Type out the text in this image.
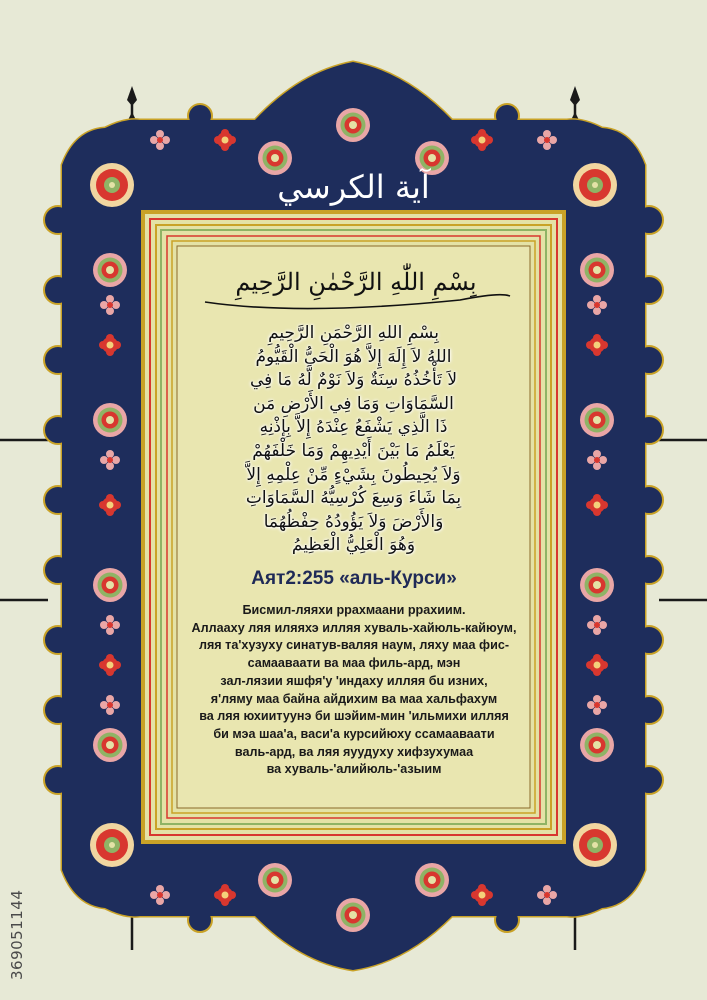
آية الكرسي
بِسْمِ اللّٰهِ الرَّحْمٰنِ الرَّحِيمِ
بِسْمِ اللهِ الرَّحْمَنِ الرَّحِيمِ
اللهُ لاَ إِلَهَ إِلاَّ هُوَ الْحَيُّ الْقَيُّومُ
لاَ تَأْخُذُهُ سِنَةٌ وَلاَ نَوْمٌ لَّهُ مَا فِي
السَّمَاوَاتِ وَمَا فِي الأَرْضِ مَن
ذَا الَّذِي يَشْفَعُ عِنْدَهُ إِلاَّ بِإِذْنِهِ
يَعْلَمُ مَا بَيْنَ أَيْدِيهِمْ وَمَا خَلْفَهُمْ
وَلاَ يُحِيطُونَ بِشَيْءٍ مِّنْ عِلْمِهِ إِلاَّ
بِمَا شَاءَ وَسِعَ كُرْسِيُّهُ السَّمَاوَاتِ
وَالأَرْضَ وَلاَ يَؤُودُهُ حِفْظُهُمَا
وَهُوَ الْعَلِيُّ الْعَظِيمُ
Аят2:255 «аль-Курси»
Бисмил-ляяхи ррахмаани ррахиим.
Аллааху ляя иляяхэ илляя хуваль-хайюль-кайюум,
ляя та'хузуху синатув-валяя наум, ляху маа фис-
самааваати ва маа филь-ард, мэн
зал-лязии яшфя'у 'индаху илляя бu изних,
я'ляму маа байна айдихим ва маа хальфахум
ва ляя юхиитуунэ би шэйим-мин 'ильмихи илляя
би мэа шаа'а, васи'а курсийюху ссамааваати
валь-ард, ва ляя яуудуху хифзухумаа
ва хуваль-'алийюль-'азыим
369051144
